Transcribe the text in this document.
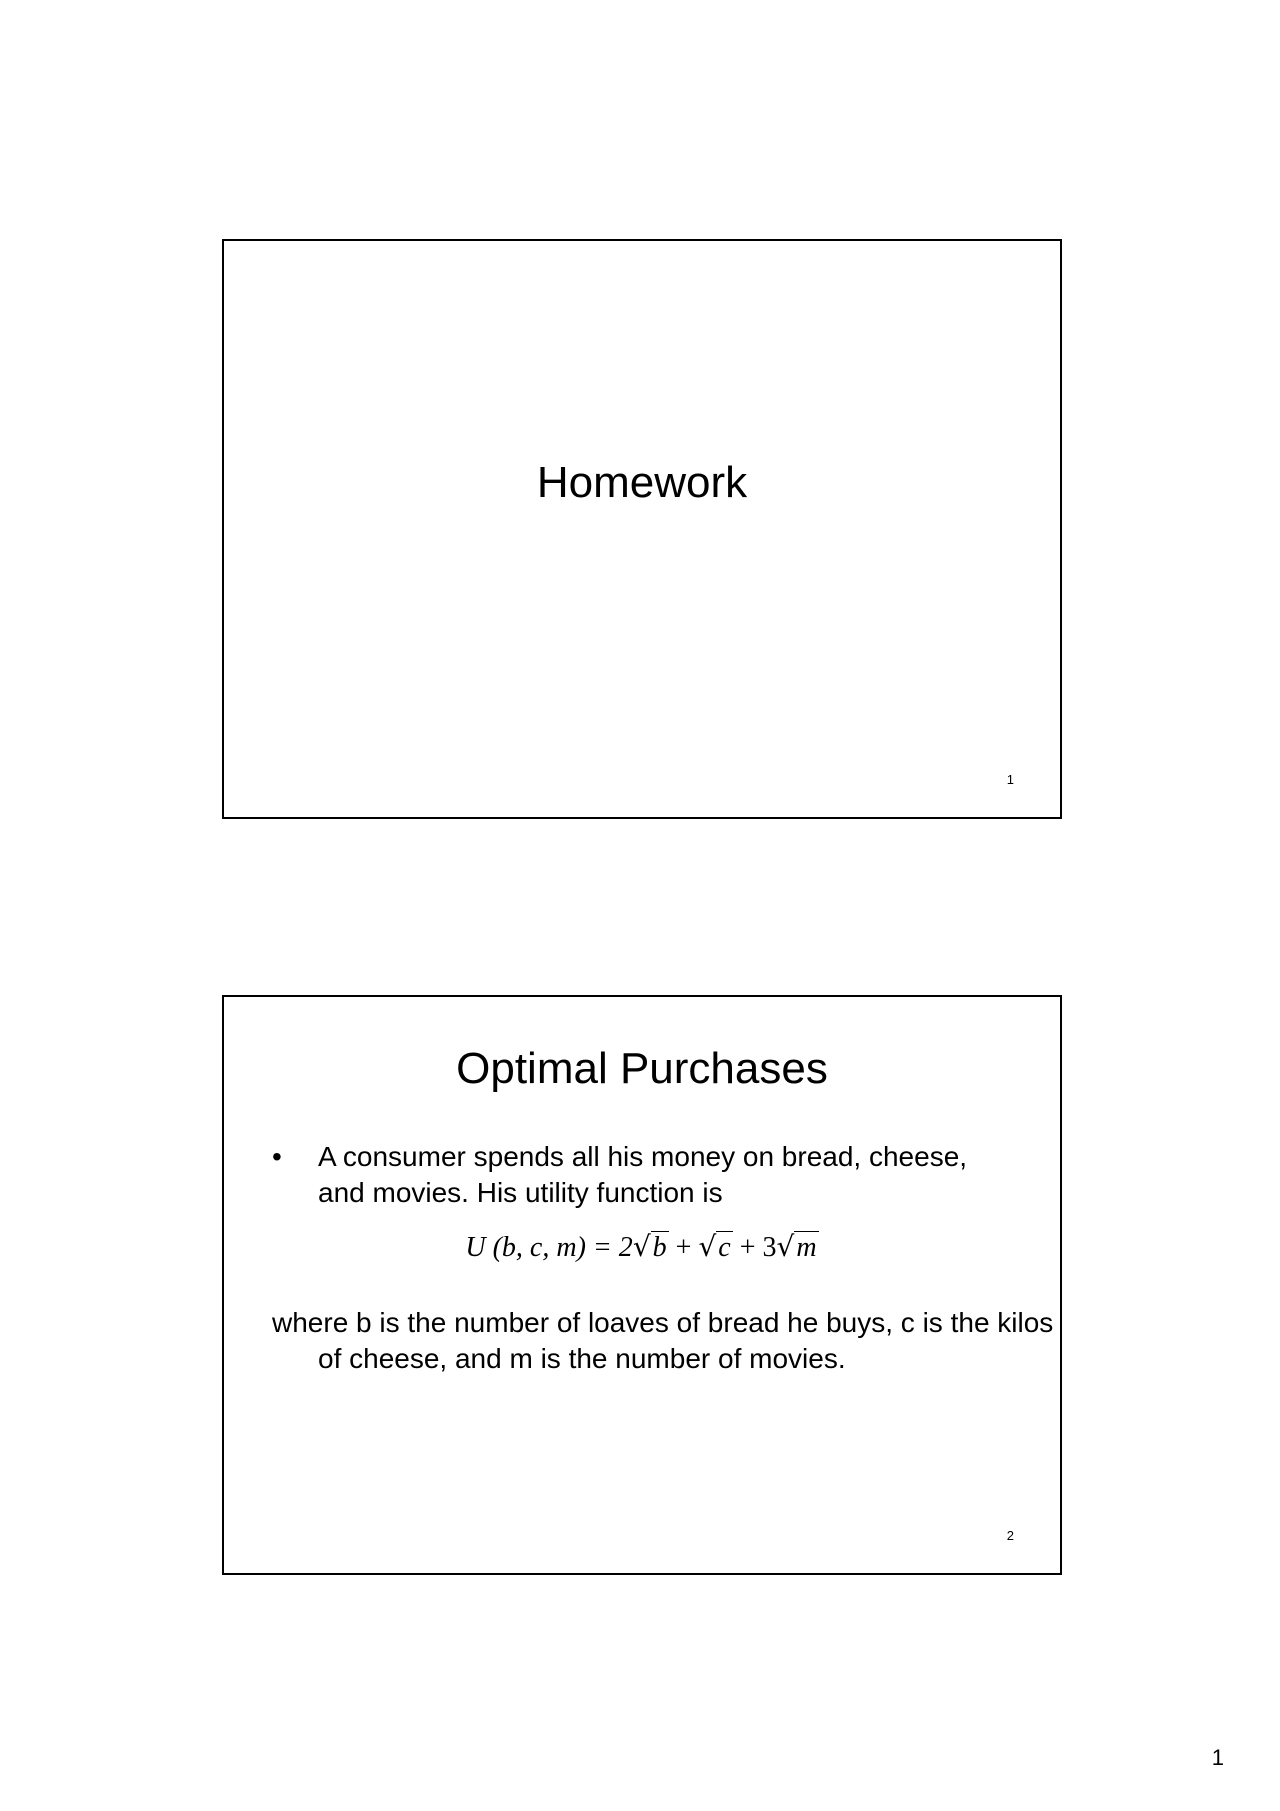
Homework
1
Optimal Purchases
• A consumer spends all his money on bread, cheese, and movies. His utility function is
U (b, c, m) = 2√b + √c + 3√m
where b is the number of loaves of bread he buys, c is the kilos of cheese, and m is the number of movies.
2
1
